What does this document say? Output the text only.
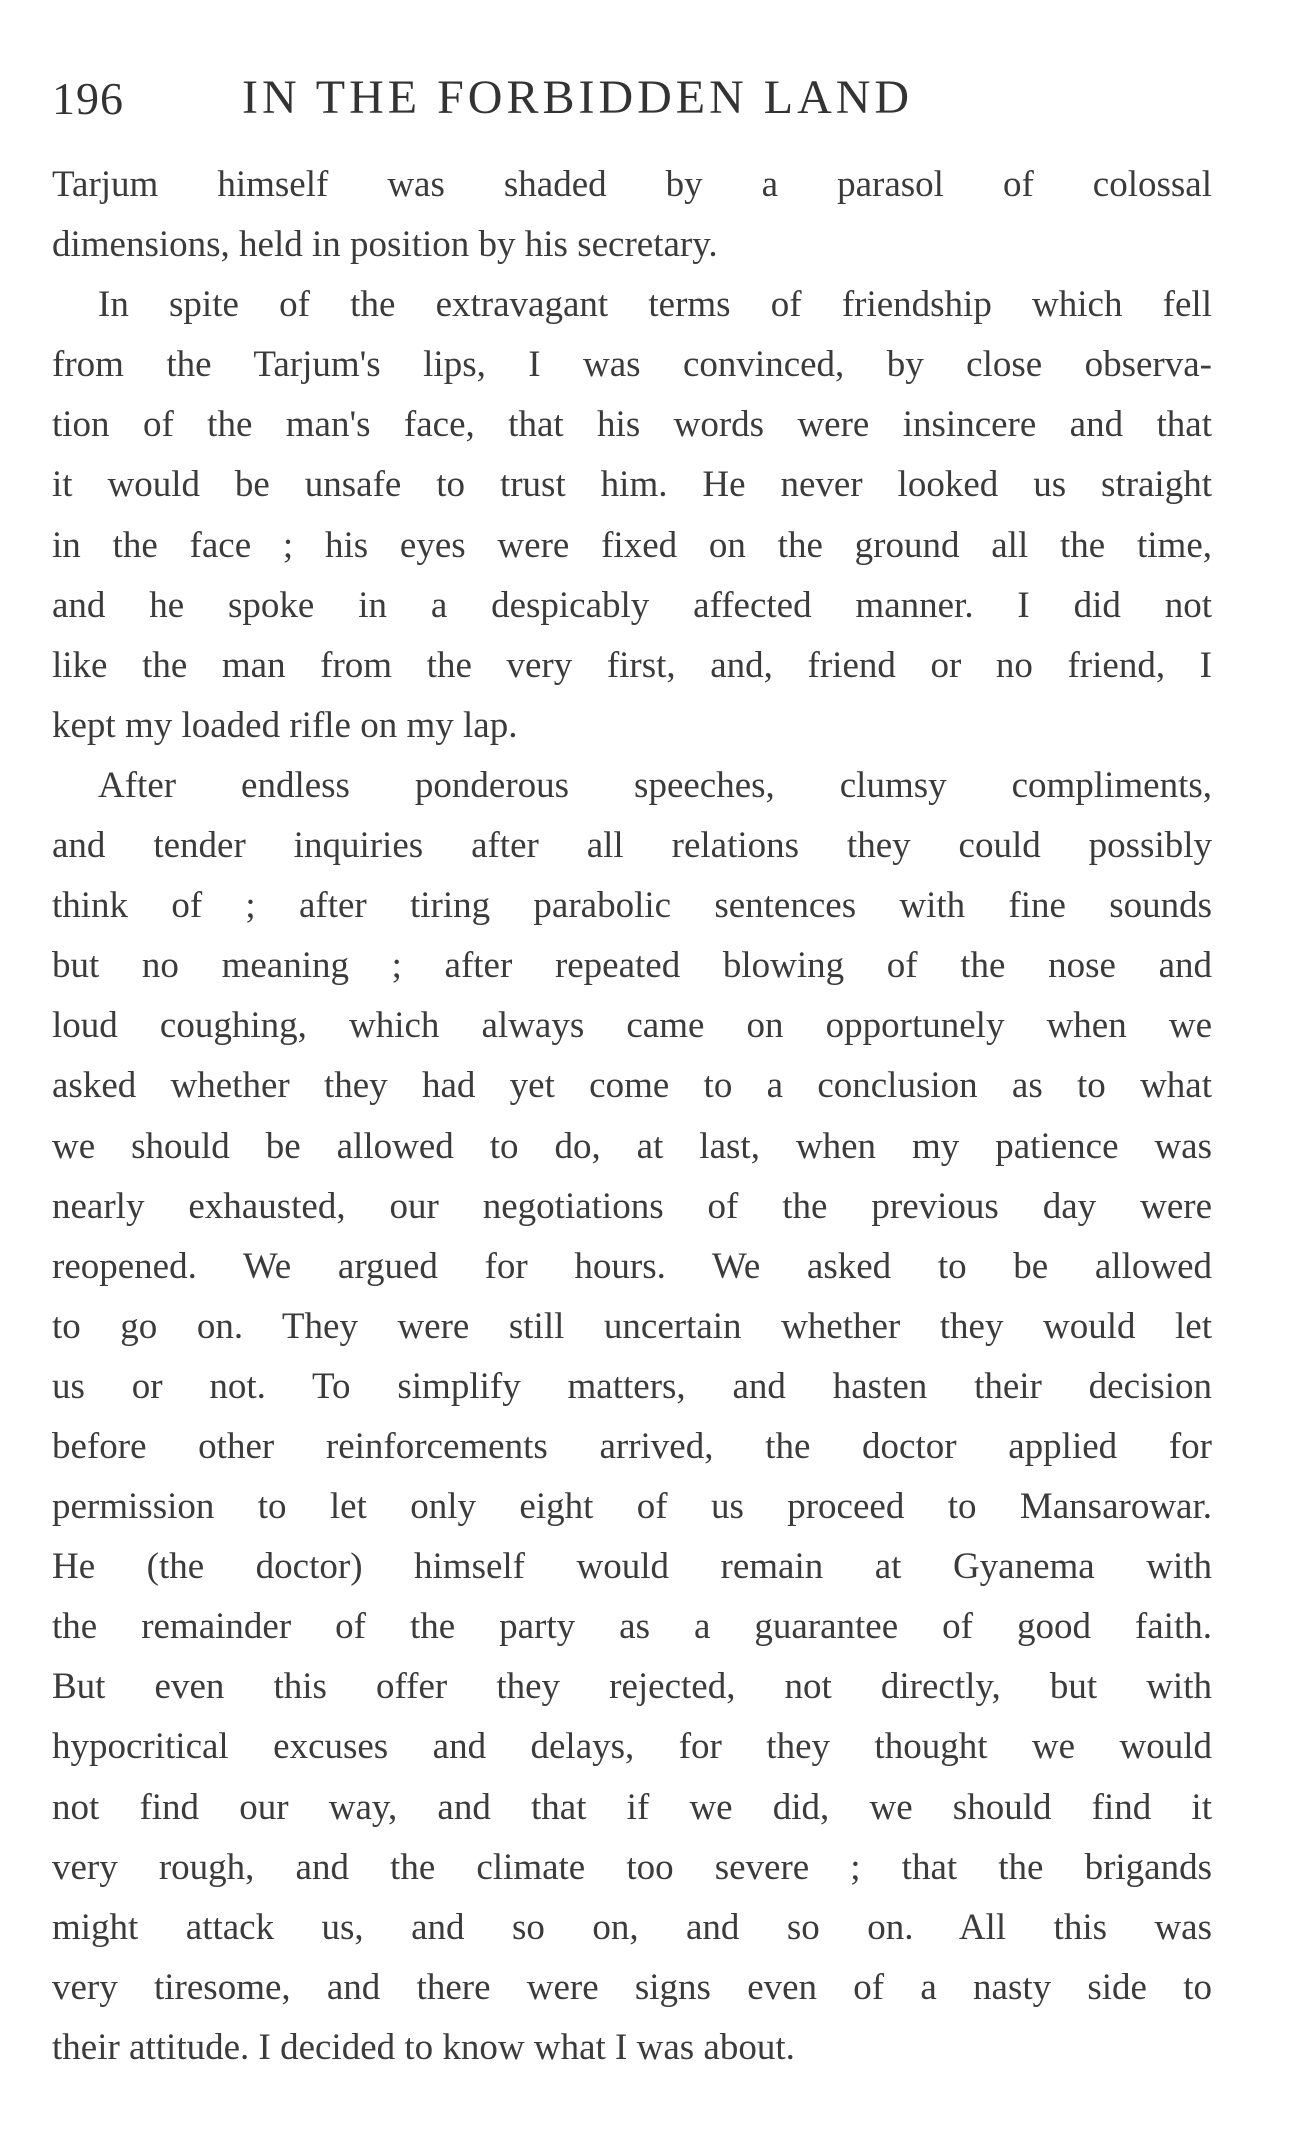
196 IN THE FORBIDDEN LAND
Tarjum himself was shaded by a parasol of colossal
dimensions, held in position by his secretary.
In spite of the extravagant terms of friendship which fell
from the Tarjum's lips, I was convinced, by close observa-
tion of the man's face, that his words were insincere and that
it would be unsafe to trust him. He never looked us straight
in the face ; his eyes were fixed on the ground all the time,
and he spoke in a despicably affected manner. I did not
like the man from the very first, and, friend or no friend, I
kept my loaded rifle on my lap.
After endless ponderous speeches, clumsy compliments,
and tender inquiries after all relations they could possibly
think of ; after tiring parabolic sentences with fine sounds
but no meaning ; after repeated blowing of the nose and
loud coughing, which always came on opportunely when we
asked whether they had yet come to a conclusion as to what
we should be allowed to do, at last, when my patience was
nearly exhausted, our negotiations of the previous day were
reopened. We argued for hours. We asked to be allowed
to go on. They were still uncertain whether they would let
us or not. To simplify matters, and hasten their decision
before other reinforcements arrived, the doctor applied for
permission to let only eight of us proceed to Mansarowar.
He (the doctor) himself would remain at Gyanema with
the remainder of the party as a guarantee of good faith.
But even this offer they rejected, not directly, but with
hypocritical excuses and delays, for they thought we would
not find our way, and that if we did, we should find it
very rough, and the climate too severe ; that the brigands
might attack us, and so on, and so on. All this was
very tiresome, and there were signs even of a nasty side to
their attitude. I decided to know what I was about.
